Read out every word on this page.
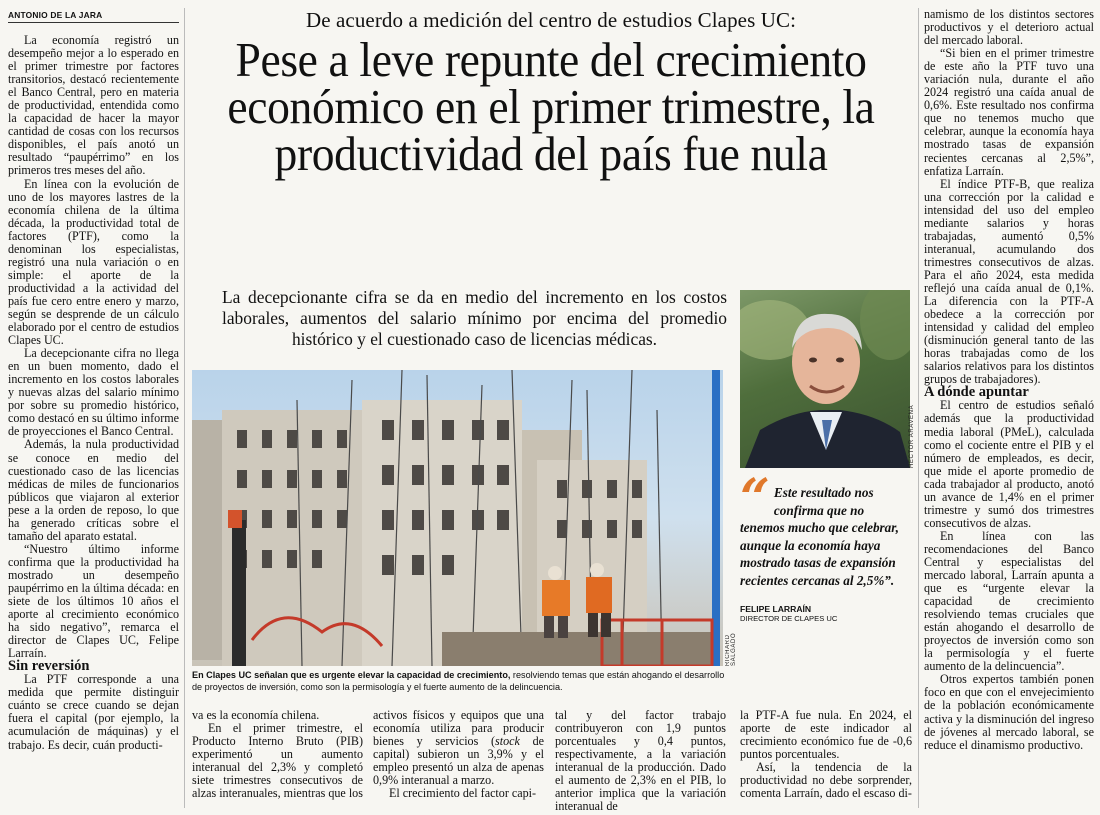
ANTONIO DE LA JARA

La economía registró un desempeño mejor a lo esperado en el primer trimestre por factores transitorios, destacó recientemente el Banco Central, pero en materia de productividad, entendida como la capacidad de hacer la mayor cantidad de cosas con los recursos disponibles, el país anotó un resultado “paupérrimo” en los primeros tres meses del año.

En línea con la evolución de uno de los mayores lastres de la economía chilena de la última década, la productividad total de factores (PTF), como la denominan los especialistas, registró una nula variación o en simple: el aporte de la productividad a la actividad del país fue cero entre enero y marzo, según se desprende de un cálculo elaborado por el centro de estudios Clapes UC.

La decepcionante cifra no llega en un buen momento, dado el incremento en los costos laborales y nuevas alzas del salario mínimo por sobre su promedio histórico, como destacó en su último informe de proyecciones el Banco Central.

Además, la nula productividad se conoce en medio del cuestionado caso de las licencias médicas de miles de funcionarios públicos que viajaron al exterior pese a la orden de reposo, lo que ha generado críticas sobre el tamaño del aparato estatal.

“Nuestro último informe confirma que la productividad ha mostrado un desempeño paupérrimo en la última década: en siete de los últimos 10 años el aporte al crecimiento económico ha sido negativo”, remarca el director de Clapes UC, Felipe Larraín.

Sin reversión

La PTF corresponde a una medida que permite distinguir cuánto se crece cuando se dejan fuera el capital (por ejemplo, la acumulación de máquinas) y el trabajo. Es decir, cuán producti-

De acuerdo a medición del centro de estudios Clapes UC:
Pese a leve repunte del crecimiento económico en el primer trimestre, la productividad del país fue nula
La decepcionante cifra se da en medio del incremento en los costos laborales, aumentos del salario mínimo por encima del promedio histórico y el cuestionado caso de licencias médicas.
HÉCTOR ARAVENA
RICHARD SALGADO
En Clapes UC señalan que es urgente elevar la capacidad de crecimiento, resolviendo temas que están ahogando el desarrollo de proyectos de inversión, como son la permisología y el fuerte aumento de la delincuencia.
“ Este resultado nos confirma que no tenemos mucho que celebrar, aunque la economía haya mostrado tasas de expansión recientes cercanas al 2,5%”.
FELIPE LARRAÍN
DIRECTOR DE CLAPES UC

va es la economía chilena.

En el primer trimestre, el Producto Interno Bruto (PIB) experimentó un aumento interanual del 2,3% y completó siete trimestres consecutivos de alzas interanuales, mientras que los

activos físicos y equipos que una economía utiliza para producir bienes y servicios (stock de capital) subieron un 3,9% y el empleo presentó un alza de apenas 0,9% interanual a marzo.

El crecimiento del factor capi-

tal y del factor trabajo contribuyeron con 1,9 puntos porcentuales y 0,4 puntos, respectivamente, a la variación interanual de la producción. Dado el aumento de 2,3% en el PIB, lo anterior implica que la variación interanual de

la PTF-A fue nula. En 2024, el aporte de este indicador al crecimiento económico fue de -0,6 puntos porcentuales.

Así, la tendencia de la productividad no debe sorprender, comenta Larraín, dado el escaso di-

namismo de los distintos sectores productivos y el deterioro actual del mercado laboral.

“Si bien en el primer trimestre de este año la PTF tuvo una variación nula, durante el año 2024 registró una caída anual de 0,6%. Este resultado nos confirma que no tenemos mucho que celebrar, aunque la economía haya mostrado tasas de expansión recientes cercanas al 2,5%”, enfatiza Larraín.

El índice PTF-B, que realiza una corrección por la calidad e intensidad del uso del empleo mediante salarios y horas trabajadas, aumentó 0,5% interanual, acumulando dos trimestres consecutivos de alzas. Para el año 2024, esta medida reflejó una caída anual de 0,1%. La diferencia con la PTF-A obedece a la corrección por intensidad y calidad del empleo (disminución general tanto de las horas trabajadas como de los salarios relativos para los distintos grupos de trabajadores).

A dónde apuntar

El centro de estudios señaló además que la productividad media laboral (PMeL), calculada como el cociente entre el PIB y el número de empleados, es decir, que mide el aporte promedio de cada trabajador al producto, anotó un avance de 1,4% en el primer trimestre y sumó dos trimestres consecutivos de alzas.

En línea con las recomendaciones del Banco Central y especialistas del mercado laboral, Larraín apunta a que es “urgente elevar la capacidad de crecimiento resolviendo temas cruciales que están ahogando el desarrollo de proyectos de inversión como son la permisología y el fuerte aumento de la delincuencia”.

Otros expertos también ponen foco en que con el envejecimiento de la población económicamente activa y la disminución del ingreso de jóvenes al mercado laboral, se reduce el dinamismo productivo.
